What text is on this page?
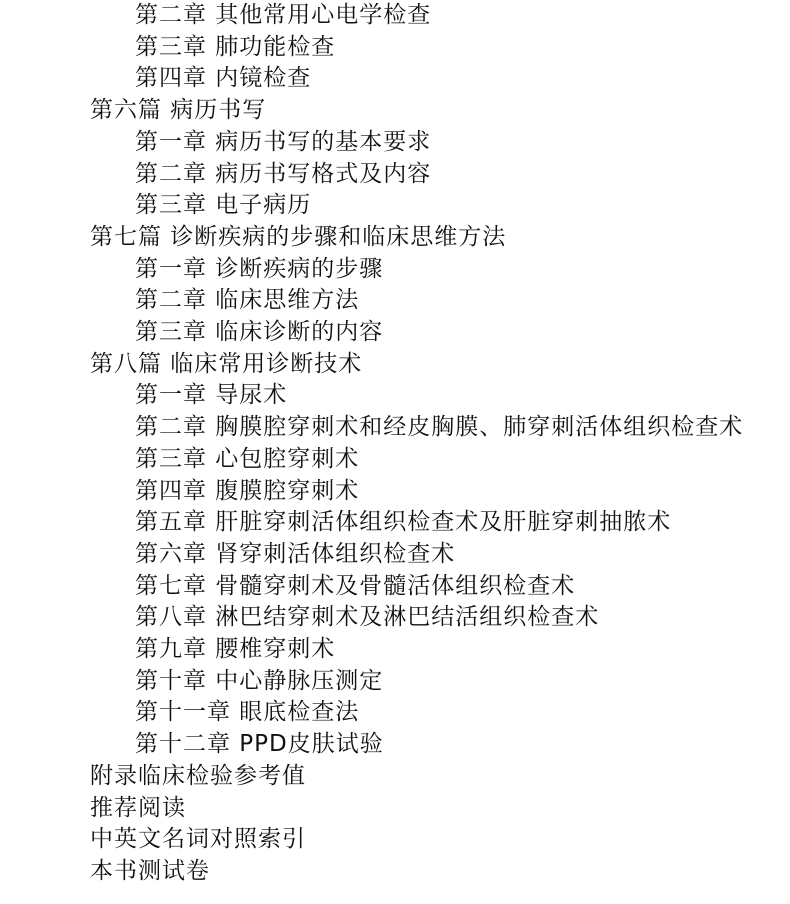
第二章 其他常用心电学检查
第三章 肺功能检查
第四章 内镜检查
第六篇 病历书写
第一章 病历书写的基本要求
第二章 病历书写格式及内容
第三章 电子病历
第七篇 诊断疾病的步骤和临床思维方法
第一章 诊断疾病的步骤
第二章 临床思维方法
第三章 临床诊断的内容
第八篇 临床常用诊断技术
第一章 导尿术
第二章 胸膜腔穿刺术和经皮胸膜、肺穿刺活体组织检查术
第三章 心包腔穿刺术
第四章 腹膜腔穿刺术
第五章 肝脏穿刺活体组织检查术及肝脏穿刺抽脓术
第六章 肾穿刺活体组织检查术
第七章 骨髓穿刺术及骨髓活体组织检查术
第八章 淋巴结穿刺术及淋巴结活组织检查术
第九章 腰椎穿刺术
第十章 中心静脉压测定
第十一章 眼底检查法
第十二章 PPD皮肤试验
附录临床检验参考值
推荐阅读
中英文名词对照索引
本书测试卷
